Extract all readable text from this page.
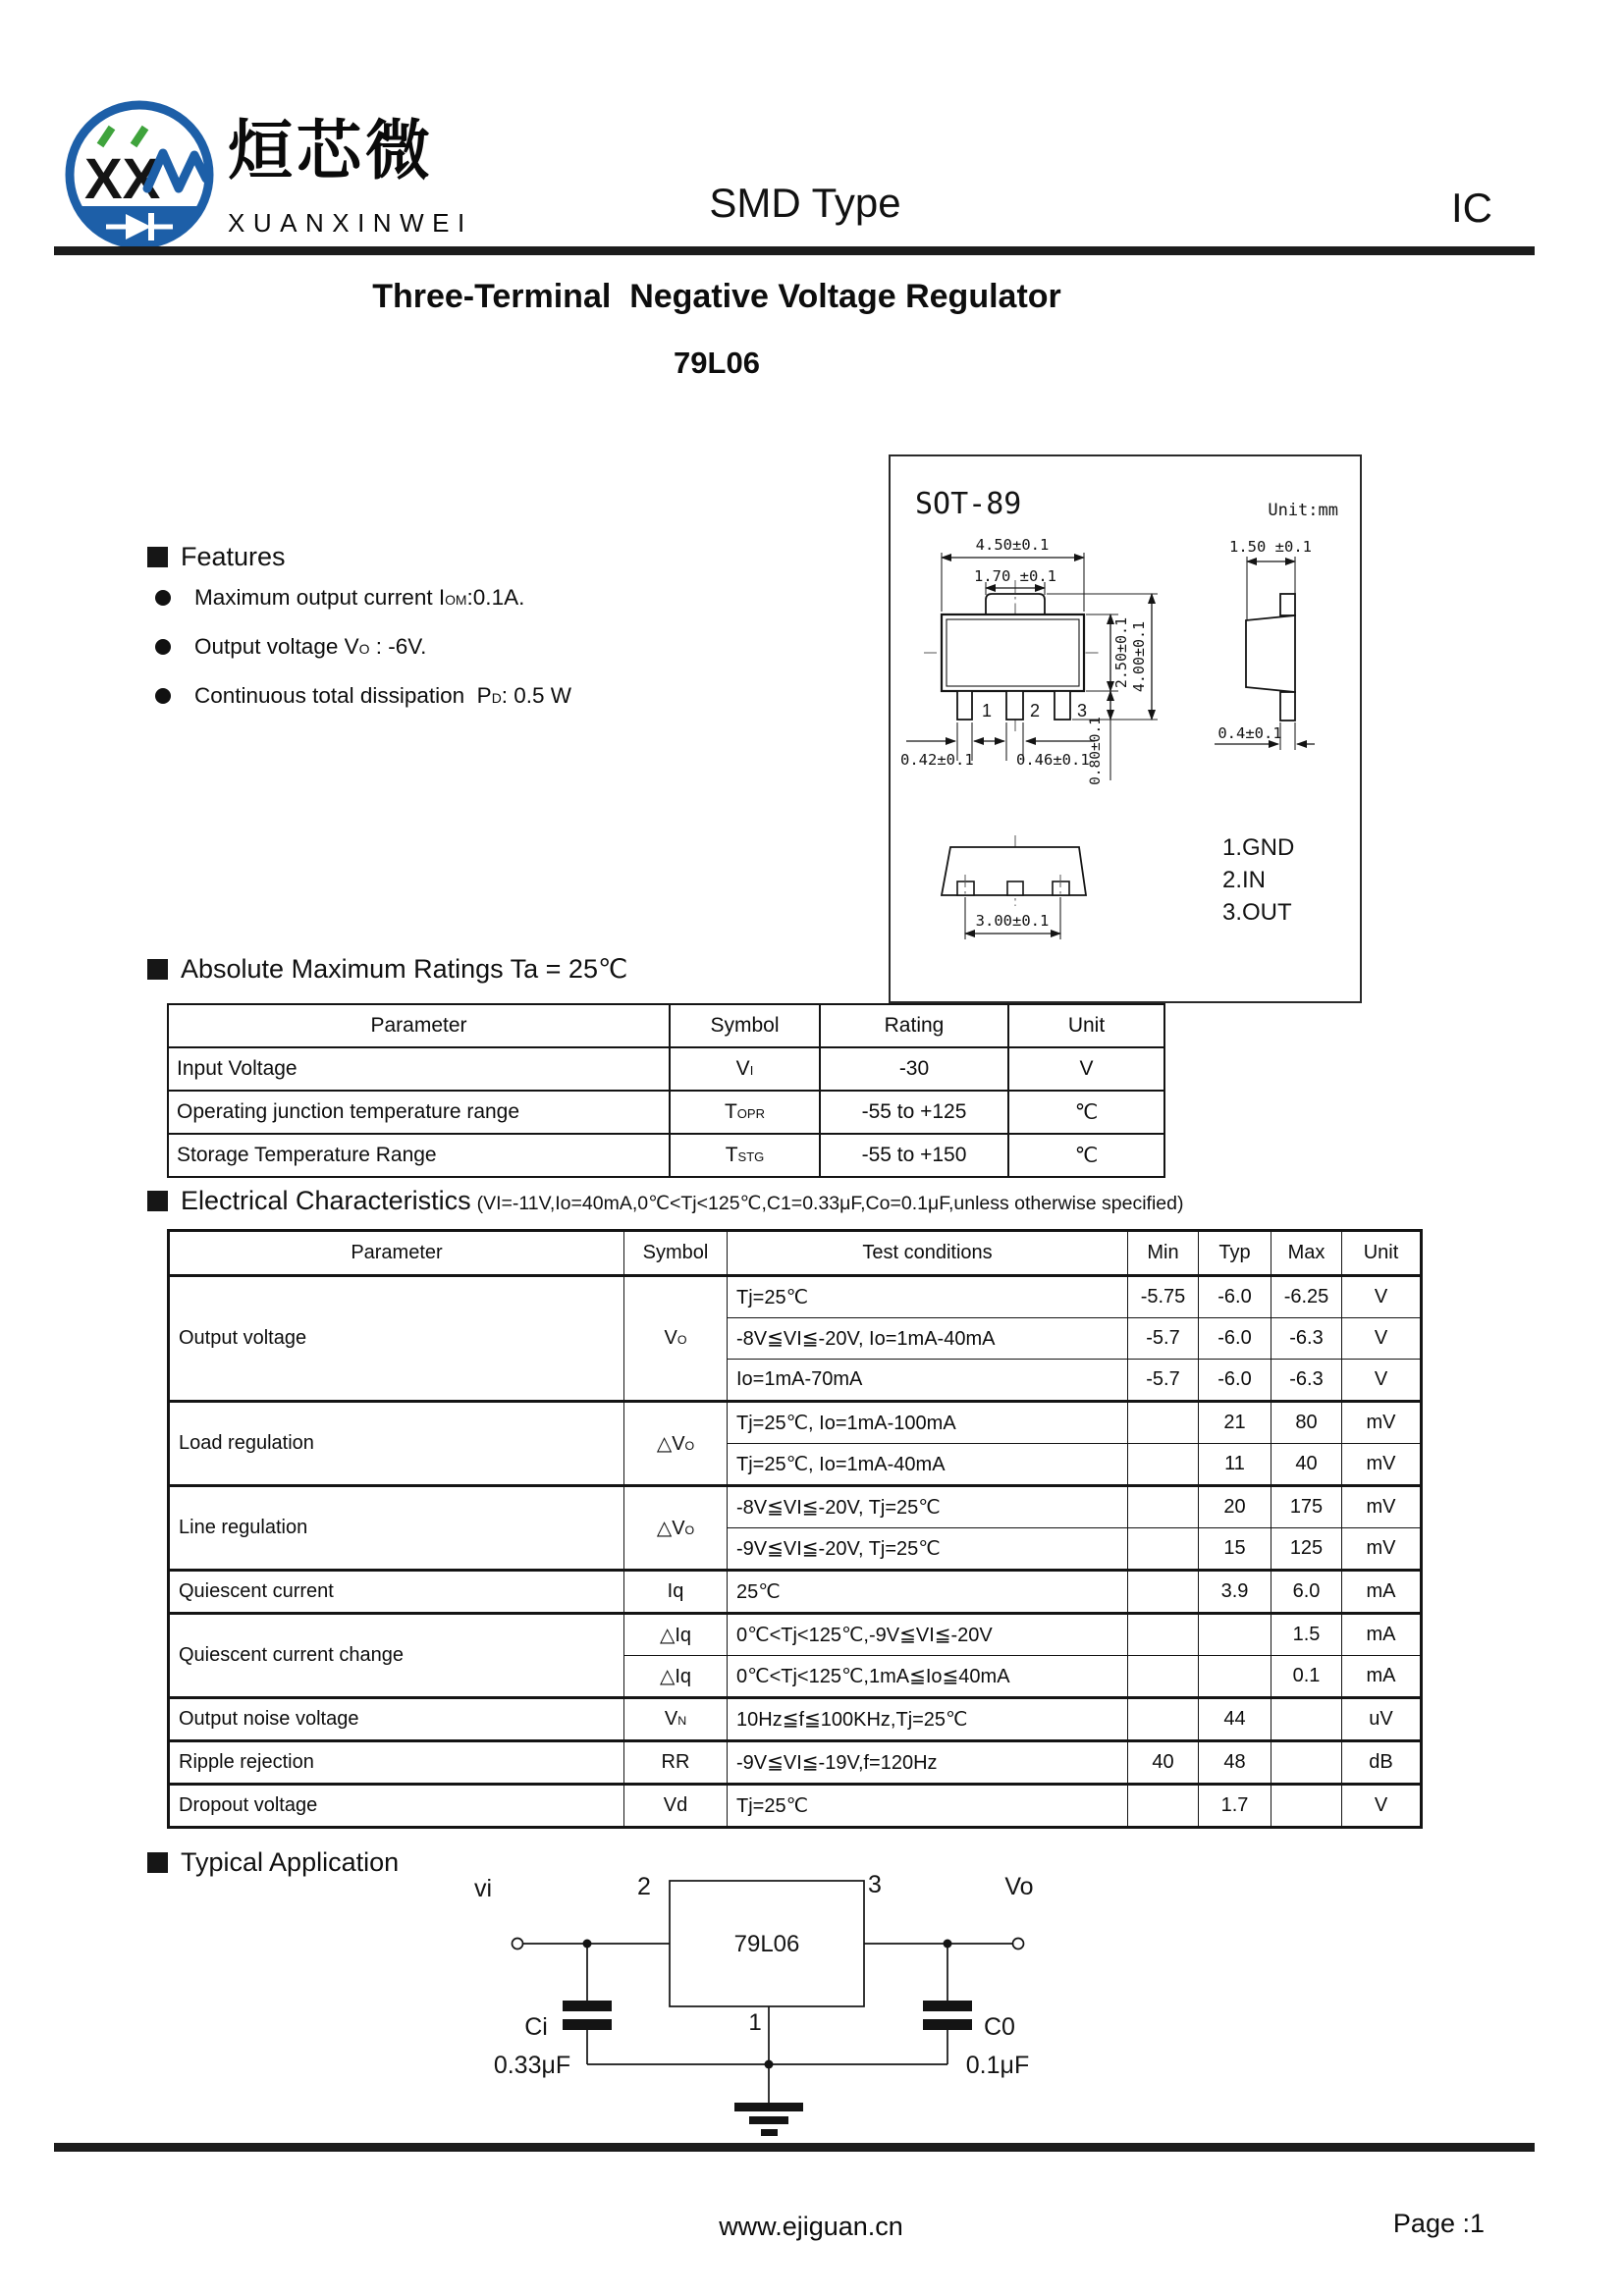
XX 烜芯微
XUANXINWEI	SMD Type	IC
Three-Terminal  Negative Voltage Regulator
79L06
Features
Maximum output current IOM:0.1A.
Output voltage VO : -6V.
Continuous total dissipation  PD: 0.5 W
SOT-89	Unit:mm
4.50±0.1
1.70 ±0.1
1 2 3
2.50±0.1 4.00±0.1
0.80±0.1
0.42±0.1	0.46±0.1
1.50 ±0.1
0.4±0.1
3.00±0.1
1.GND
2.IN
3.OUT
Absolute Maximum Ratings Ta = 25℃
Parameter	Symbol	Rating	Unit
Input Voltage	VI	-30	V
Operating junction temperature range	TOPR	-55 to +125	℃
Storage Temperature Range	TSTG	-55 to +150	℃
Electrical Characteristics (VI=-11V,Io=40mA,0℃<Tj<125℃,C1=0.33μF,Co=0.1μF,unless otherwise specified)
Parameter	Symbol	Test conditions	Min	Typ	Max	Unit
Output voltage	VO	Tj=25℃	-5.75	-6.0	-6.25	V
		-8V≦VI≦-20V, Io=1mA-40mA	-5.7	-6.0	-6.3	V
		Io=1mA-70mA	-5.7	-6.0	-6.3	V
Load regulation	△VO	Tj=25℃, Io=1mA-100mA		21	80	mV
		Tj=25℃, Io=1mA-40mA		11	40	mV
Line regulation	△VO	-8V≦VI≦-20V, Tj=25℃		20	175	mV
		-9V≦VI≦-20V, Tj=25℃		15	125	mV
Quiescent current	Iq	25℃		3.9	6.0	mA
Quiescent current change	△Iq	0℃<Tj<125℃,-9V≦VI≦-20V			1.5	mA
	△Iq	0℃<Tj<125℃,1mA≦Io≦40mA			0.1	mA
Output noise voltage	VN	10Hz≦f≦100KHz,Tj=25℃		44		uV
Ripple rejection	RR	-9V≦VI≦-19V,f=120Hz	40	48		dB
Dropout voltage	Vd	Tj=25℃		1.7		V
Typical Application
vi	2	3	Vo
79L06
Ci
0.33μF
C0
0.1μF
1
www.ejiguan.cn	Page :1
